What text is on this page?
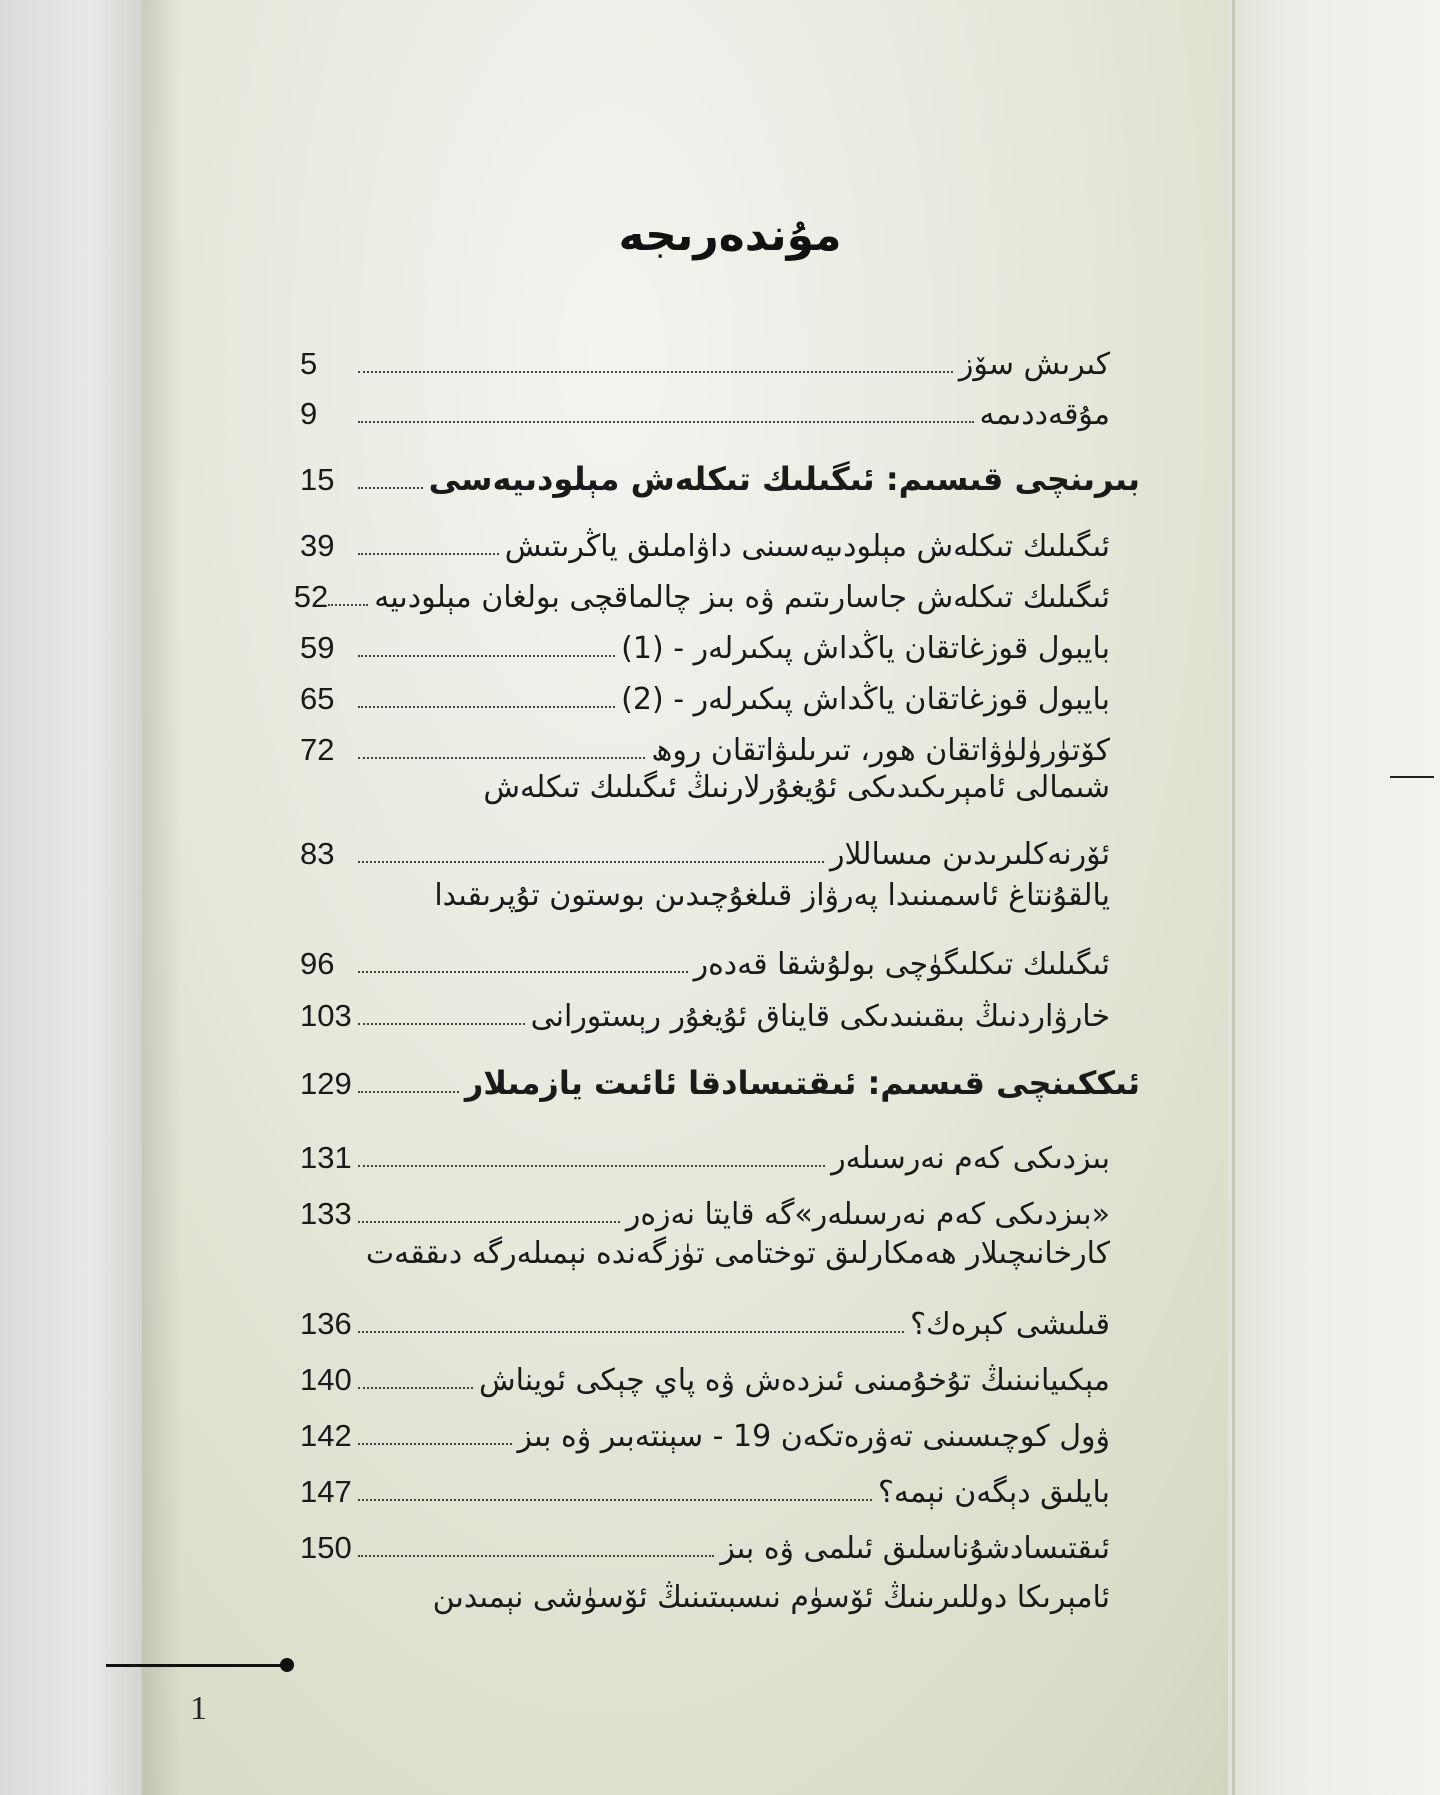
مۇندەرىجە
كىرىش سۆز
5
مۇقەددىمە
9
بىرىنچى قىسىم: ئىگىلىك تىكلەش مېلودىيەسى
15
ئىگىلىك تىكلەش مېلودىيەسىنى داۋاملىق ياڭرىتىش
39
ئىگىلىك تىكلەش جاسارىتىم ۋە بىز چالماقچى بولغان مېلودىيە
52
بايبول قوزغاتقان ياڭداش پىكىرلەر - (1)
59
بايبول قوزغاتقان ياڭداش پىكىرلەر - (2)
65
كۆتۈرۈلۈۋاتقان ھور، تىرىلىۋاتقان روھ
72
شىمالى ئامېرىكىدىكى ئۇيغۇرلارنىڭ ئىگىلىك تىكلەش
ئۆرنەكلىرىدىن مىساللار
83
يالقۇنتاغ ئاسمىنىدا پەرۋاز قىلغۇچىدىن بوستون تۇپرىقىدا
ئىگىلىك تىكلىگۈچى بولۇشقا قەدەر
96
خارۋاردنىڭ بىقىنىدىكى قايناق ئۇيغۇر رېستورانى
103
ئىككىنچى قىسىم: ئىقتىسادقا ئائىت يازمىلار
129
بىزدىكى كەم نەرسىلەر
131
«بىزدىكى كەم نەرسىلەر»گە قايتا نەزەر
133
كارخانىچىلار ھەمكارلىق توختامى تۈزگەندە نېمىلەرگە دىققەت
قىلىشى كېرەك؟
136
مېكىيانىنىڭ تۇخۇمىنى ئىزدەش ۋە پاي چېكى ئويناش
140
ۋول كوچىسىنى تەۋرەتكەن 19 - سېنتەبىر ۋە بىز
142
بايلىق دېگەن نېمە؟
147
ئىقتىسادشۇناسلىق ئىلمى ۋە بىز
150
ئامېرىكا دوللىرىنىڭ ئۆسۈم نىسبىتىنىڭ ئۆسۈشى نېمىدىن
1
